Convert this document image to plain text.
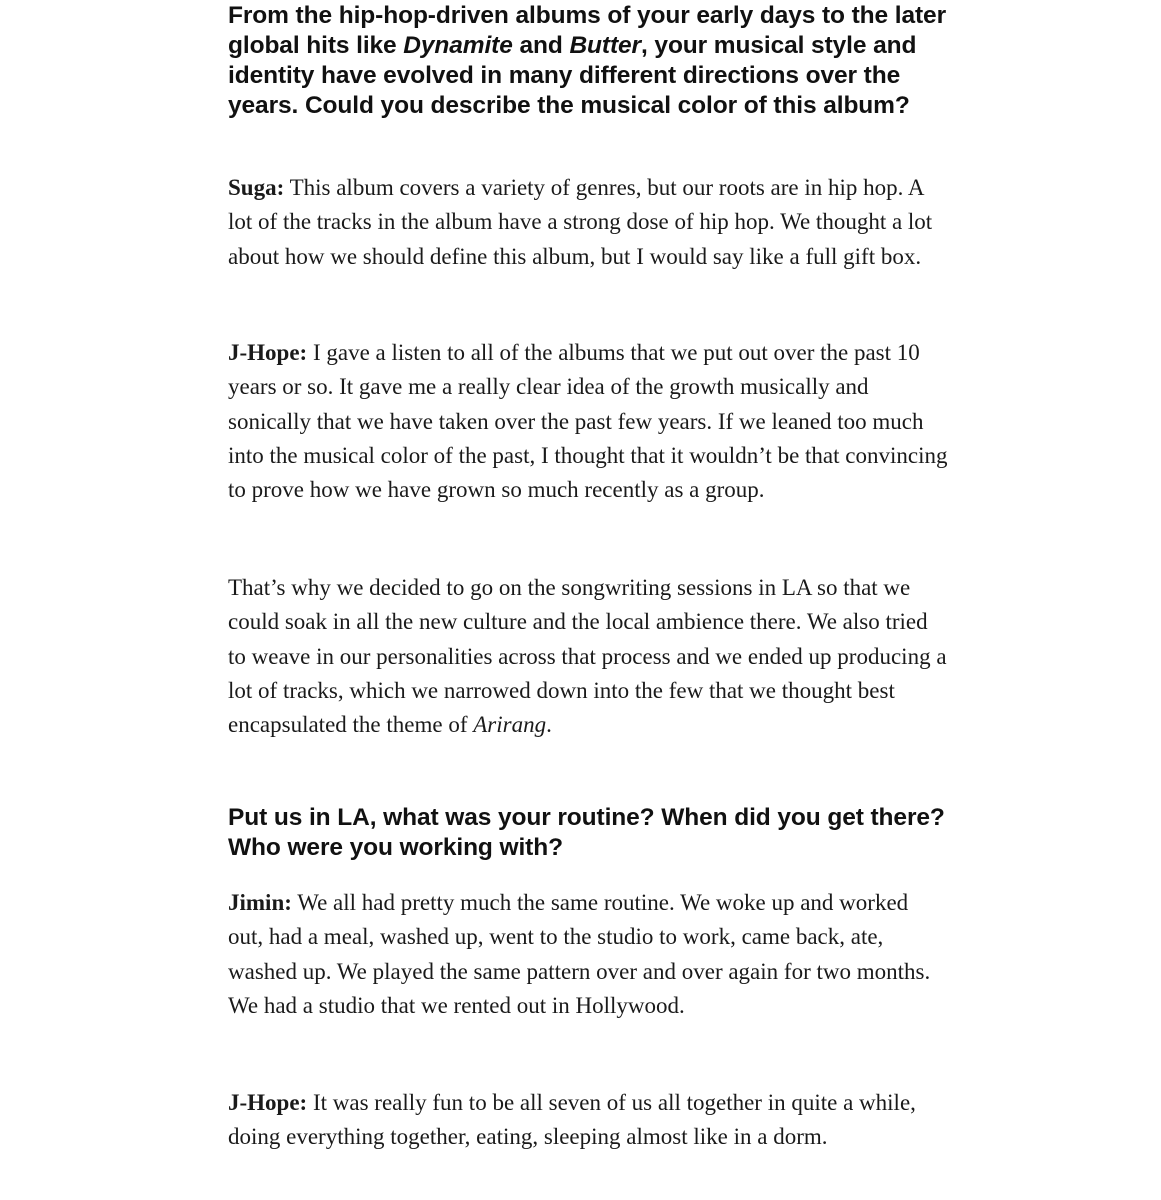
From the hip-hop-driven albums of your early days to the later global hits like Dynamite and Butter, your musical style and identity have evolved in many different directions over the years. Could you describe the musical color of this album?

Suga: This album covers a variety of genres, but our roots are in hip hop. A lot of the tracks in the album have a strong dose of hip hop. We thought a lot about how we should define this album, but I would say like a full gift box.

J-Hope: I gave a listen to all of the albums that we put out over the past 10 years or so. It gave me a really clear idea of the growth musically and sonically that we have taken over the past few years. If we leaned too much into the musical color of the past, I thought that it wouldn’t be that convincing to prove how we have grown so much recently as a group.

That’s why we decided to go on the songwriting sessions in LA so that we could soak in all the new culture and the local ambience there. We also tried to weave in our personalities across that process and we ended up producing a lot of tracks, which we narrowed down into the few that we thought best encapsulated the theme of Arirang.

Put us in LA, what was your routine? When did you get there? Who were you working with?

Jimin: We all had pretty much the same routine. We woke up and worked out, had a meal, washed up, went to the studio to work, came back, ate, washed up. We played the same pattern over and over again for two months. We had a studio that we rented out in Hollywood.

J-Hope: It was really fun to be all seven of us all together in quite a while, doing everything together, eating, sleeping almost like in a dorm.
